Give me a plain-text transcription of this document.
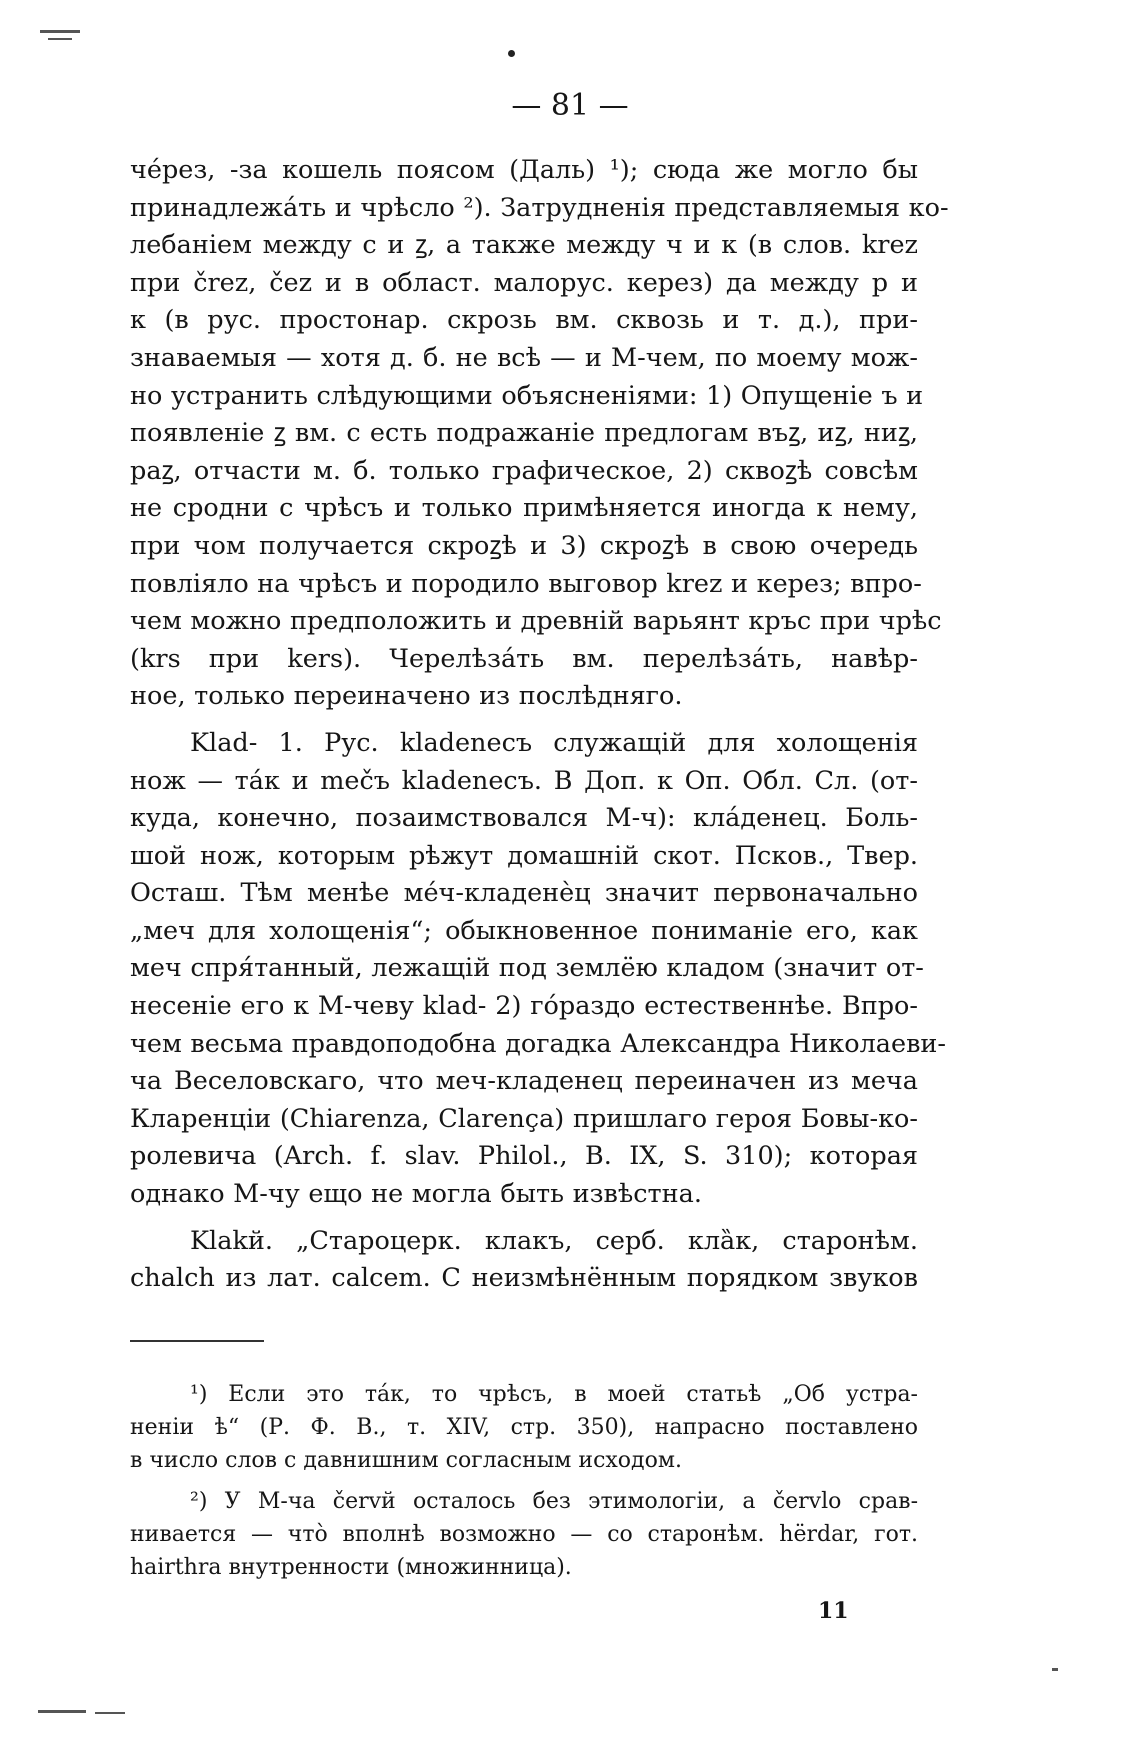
— 81 —
чéрез, -за кошель поясом (Даль) ¹); сюда же могло бы
принадлежа́ть и чрѣсло ²). Затрудненія представляемыя ко-
лебаніем между с и ꙁ, а также между ч и к (в слов. krez
при črez, čez и в област. малорус. керез) да между р и
к (в рус. простонар. скрозь вм. сквозь и т. д.), при-
знаваемыя — хотя д. б. не всѣ — и М-чем, по моему мож-
но устранить слѣдующими объясненіями: 1) Опущеніе ъ и
появленіе ꙁ вм. с есть подражаніе предлогам въꙁ, иꙁ, ниꙁ,
раꙁ, отчасти м. б. только графическое, 2) сквоꙁѣ совсѣм
не сродни с чрѣсъ и только примѣняется иногда к нему,
при чом получается скроꙁѣ и 3) скроꙁѣ в свою очередь
повліяло на чрѣсъ и породило выговор krez и керез; впро-
чем можно предположить и древній варьянт кръс при чрѣс
(krs при kers). Черелѣза́ть вм. перелѣза́ть, навѣр-
ное, только переиначено из послѣдняго.
Klad- 1. Рус. kladenecъ служащій для холощенія
нож — та́к и mečъ kladenecъ. В Доп. к Оп. Обл. Сл. (от-
куда, конечно, позаимствовался М-ч): кла́денец. Боль-
шой нож, которым рѣжут домашній скот. Псков., Твер.
Осташ. Тѣм менѣе ме́ч-кладенѐц значит первоначально
„меч для холощенія“; обыкновенное пониманіе его, как
меч спря́танный, лежащій под землёю кладом (значит от-
несеніе его к М-чеву klad- 2) го́раздо естественнѣе. Впро-
чем весьма правдоподобна догадка Александра Николаеви-
ча Веселовскаго, что меч-кладенец переиначен из меча
Кларенціи (Chiarenza, Clarença) пришлаго героя Бовы-ко-
ролевича (Arch. f. slav. Philol., B. IX, S. 310); которая
однако М-чу ещо не могла быть извѣстна.
Klakй. „Староцерк. клакъ, серб. кла̏к, старонѣм.
chalch из лат. calcem. С неизмѣнённым порядком звуков
¹) Если это та́к, то чрѣсъ, в моей статьѣ „Об устра-
неніи ѣ“ (Р. Ф. В., т. XIV, стр. 350), напрасно поставлено
в число слов с давнишним согласным исходом.
²) У М-ча červй осталось без этимологіи, а červlo срав-
нивается — что̀ вполнѣ возможно — со старонѣм. hërdar, гот.
hairthra внутренности (множинница).
11
